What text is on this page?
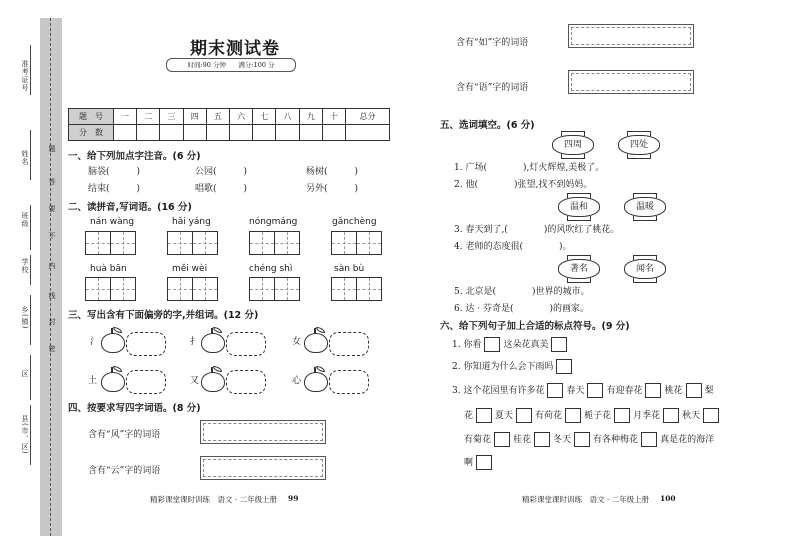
准考证号
姓名
班级
学校
乡(镇)
区
县(市、区)
题
答
要
不
内
线
封
密
期末测试卷
时间:90 分钟      满分:100 分
题　号	一	二	三	四	五	六	七	八	九	十	总分
分　数											
一、给下列加点字注音。(6 分)
脑袋(　　　)	公园(　　　)	杨树(　　　)
结束(　　　)	唱歌(　　　)	另外(　　　)
二、读拼音,写词语。(16 分)
nán wàng	hǎi yáng	nóngmáng	gǎnchèng
huà bān	měi wèi	chéng shì	sàn bù
三、写出含有下面偏旁的字,并组词。(12 分)
氵	扌	女
土	又	心
四、按要求写四字词语。(8 分)
含有“风”字的词语
含有“云”字的词语
精彩课堂课时训练　语文 · 二年级上册 99
含有“如”字的词语
含有“语”字的词语
五、选词填空。(6 分)
四周	四处
1. 广场(　　　　),灯火辉煌,美极了。
2. 他(　　　　)张望,找不到妈妈。
温和	温暖
3. 春天到了,(　　　　)的风吹红了桃花。
4. 老师的态度很(　　　　)。
著名	闻名
5. 北京是(　　　　)世界的城市。
6. 达 · 芬奇是(　　　　)的画家。
六、给下列句子加上合适的标点符号。(9 分)
1. 你看 这朵花真美
2. 你知道为什么会下雨吗
3. 这个花园里有许多花 春天 有迎春花 桃花 梨
花 夏天 有荷花 栀子花 月季花 秋天
有菊花 桂花 冬天 有各种梅花 真是花的海洋
啊
精彩课堂课时训练　语文 · 二年级上册 100
